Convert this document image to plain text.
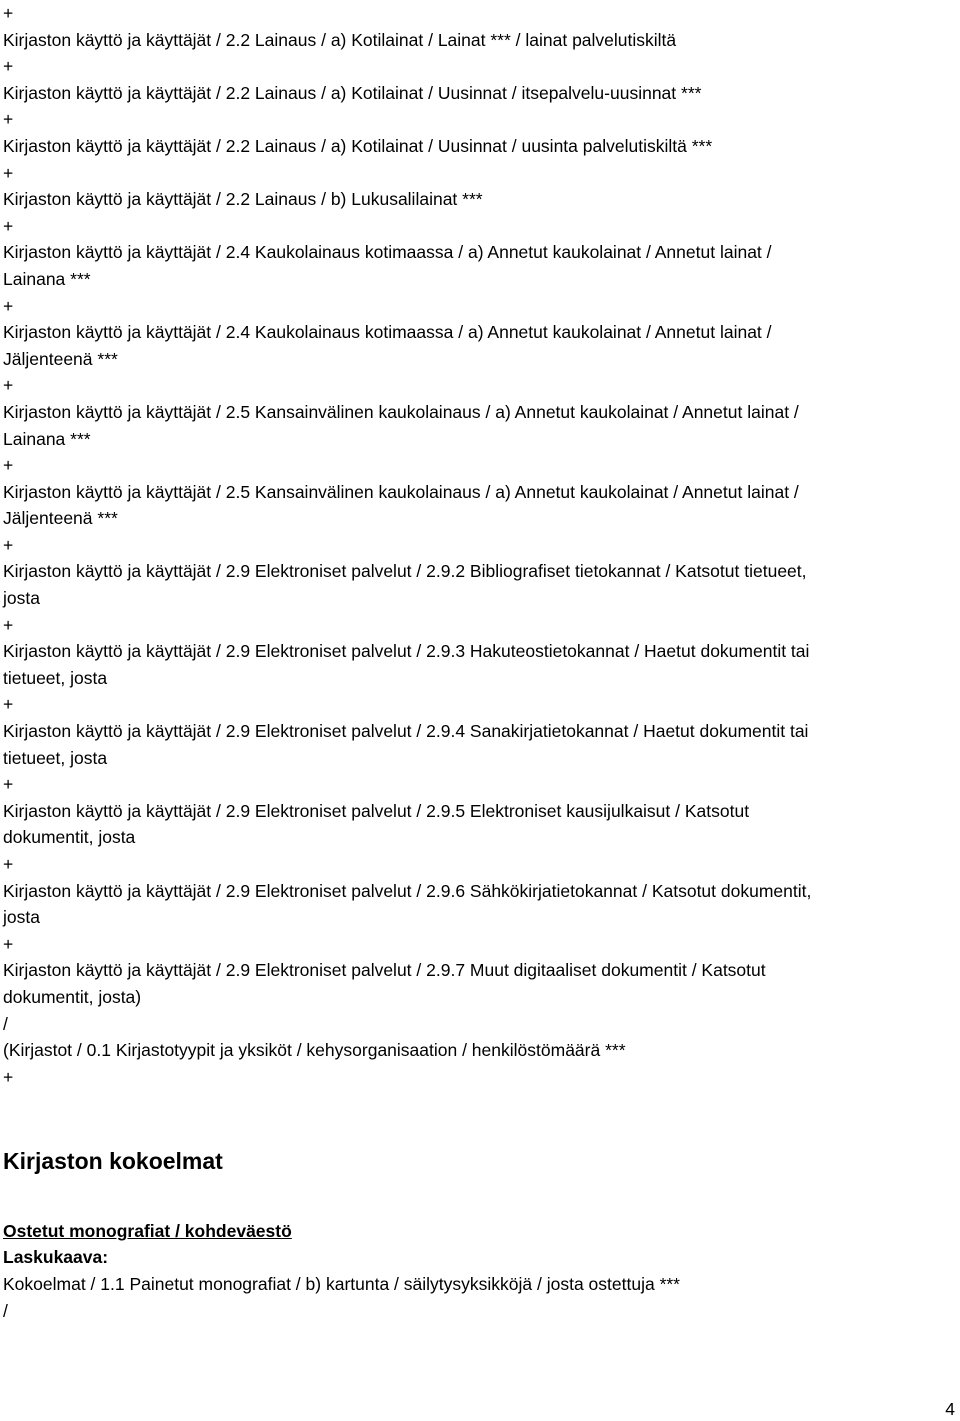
+
Kirjaston käyttö ja käyttäjät / 2.2 Lainaus / a) Kotilainat / Lainat *** / lainat palvelutiskiltä
+
Kirjaston käyttö ja käyttäjät / 2.2 Lainaus / a) Kotilainat / Uusinnat / itsepalvelu-uusinnat ***
+
Kirjaston käyttö ja käyttäjät / 2.2 Lainaus / a) Kotilainat / Uusinnat / uusinta palvelutiskiltä ***
+
Kirjaston käyttö ja käyttäjät / 2.2 Lainaus / b) Lukusalilainat ***
+
Kirjaston käyttö ja käyttäjät / 2.4 Kaukolainaus kotimaassa / a) Annetut kaukolainat / Annetut lainat /
Lainana ***
+
Kirjaston käyttö ja käyttäjät / 2.4 Kaukolainaus kotimaassa / a) Annetut kaukolainat / Annetut lainat /
Jäljenteenä ***
+
Kirjaston käyttö ja käyttäjät / 2.5 Kansainvälinen kaukolainaus / a) Annetut kaukolainat / Annetut lainat /
Lainana ***
+
Kirjaston käyttö ja käyttäjät / 2.5 Kansainvälinen kaukolainaus / a) Annetut kaukolainat / Annetut lainat /
Jäljenteenä ***
+
Kirjaston käyttö ja käyttäjät / 2.9 Elektroniset palvelut / 2.9.2 Bibliografiset tietokannat / Katsotut tietueet,
josta
+
Kirjaston käyttö ja käyttäjät / 2.9 Elektroniset palvelut / 2.9.3 Hakuteostietokannat / Haetut dokumentit tai
tietueet, josta
+
Kirjaston käyttö ja käyttäjät / 2.9 Elektroniset palvelut / 2.9.4 Sanakirjatietokannat / Haetut dokumentit tai
tietueet, josta
+
Kirjaston käyttö ja käyttäjät / 2.9 Elektroniset palvelut / 2.9.5 Elektroniset kausijulkaisut / Katsotut
dokumentit, josta
+
Kirjaston käyttö ja käyttäjät / 2.9 Elektroniset palvelut / 2.9.6 Sähkökirjatietokannat / Katsotut dokumentit,
josta
+
Kirjaston käyttö ja käyttäjät / 2.9 Elektroniset palvelut / 2.9.7 Muut digitaaliset dokumentit / Katsotut
dokumentit, josta)
/
(Kirjastot / 0.1 Kirjastotyypit ja yksiköt / kehysorganisaation / henkilöstömäärä ***
+
Kirjaston kokoelmat
Ostetut monografiat / kohdeväestö
Laskukaava:
Kokoelmat / 1.1 Painetut monografiat / b) kartunta / säilytysyksikköjä / josta ostettuja ***
/
4
